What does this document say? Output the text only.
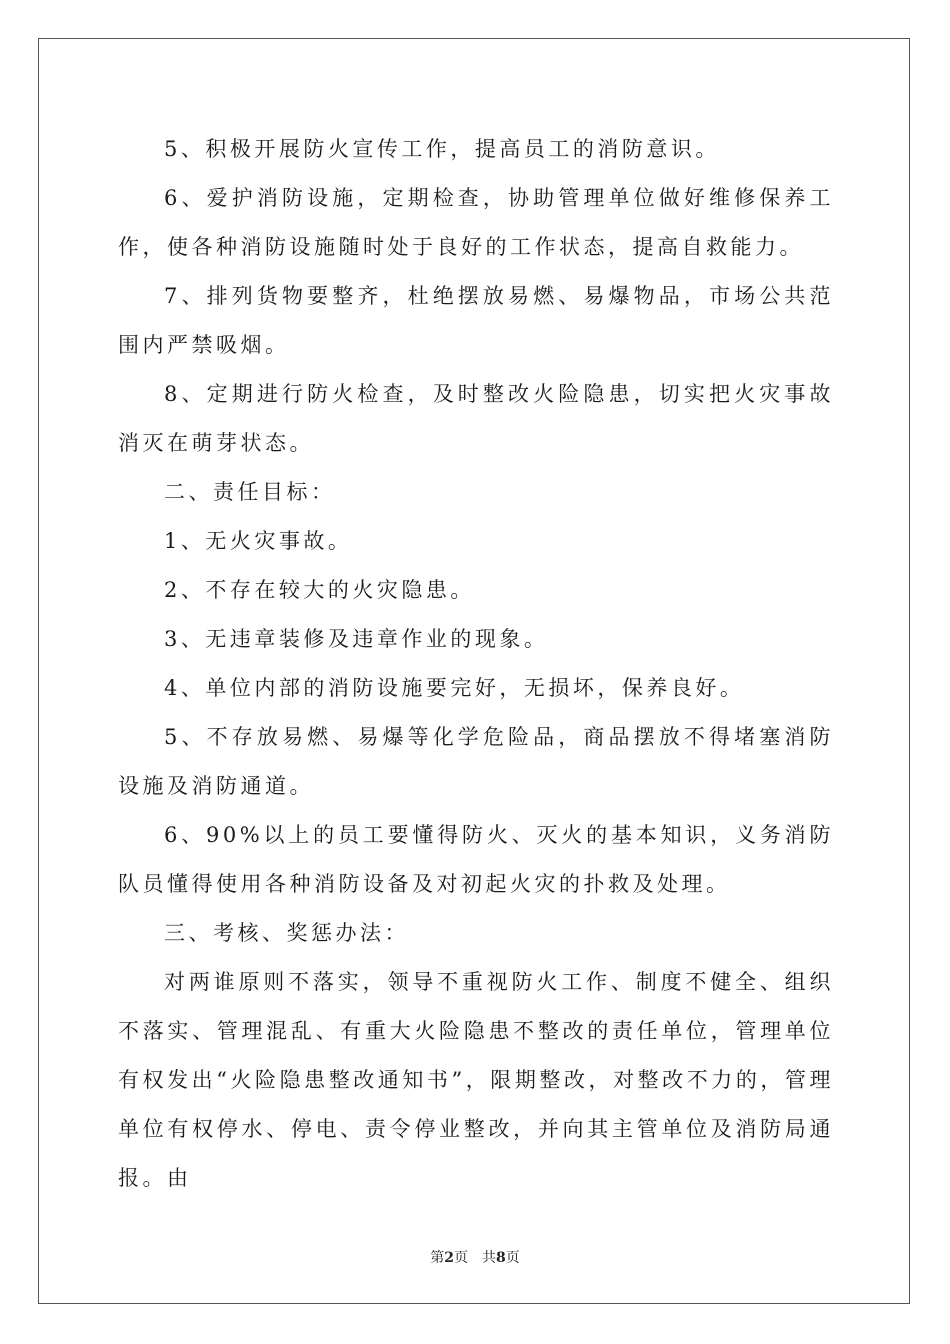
5、积极开展防火宣传工作，提高员工的消防意识。

6、爱护消防设施，定期检查，协助管理单位做好维修保养工作，使各种消防设施随时处于良好的工作状态，提高自救能力。

7、排列货物要整齐，杜绝摆放易燃、易爆物品，市场公共范围内严禁吸烟。

8、定期进行防火检查，及时整改火险隐患，切实把火灾事故消灭在萌芽状态。

二、责任目标：

1、无火灾事故。

2、不存在较大的火灾隐患。

3、无违章装修及违章作业的现象。

4、单位内部的消防设施要完好，无损坏，保养良好。

5、不存放易燃、易爆等化学危险品，商品摆放不得堵塞消防设施及消防通道。

6、90%以上的员工要懂得防火、灭火的基本知识，义务消防队员懂得使用各种消防设备及对初起火灾的扑救及处理。

三、考核、奖惩办法：

对两谁原则不落实，领导不重视防火工作、制度不健全、组织不落实、管理混乱、有重大火险隐患不整改的责任单位，管理单位有权发出“火险隐患整改通知书”，限期整改，对整改不力的，管理单位有权停水、停电、责令停业整改，并向其主管单位及消防局通报。由

第2页　共8页
